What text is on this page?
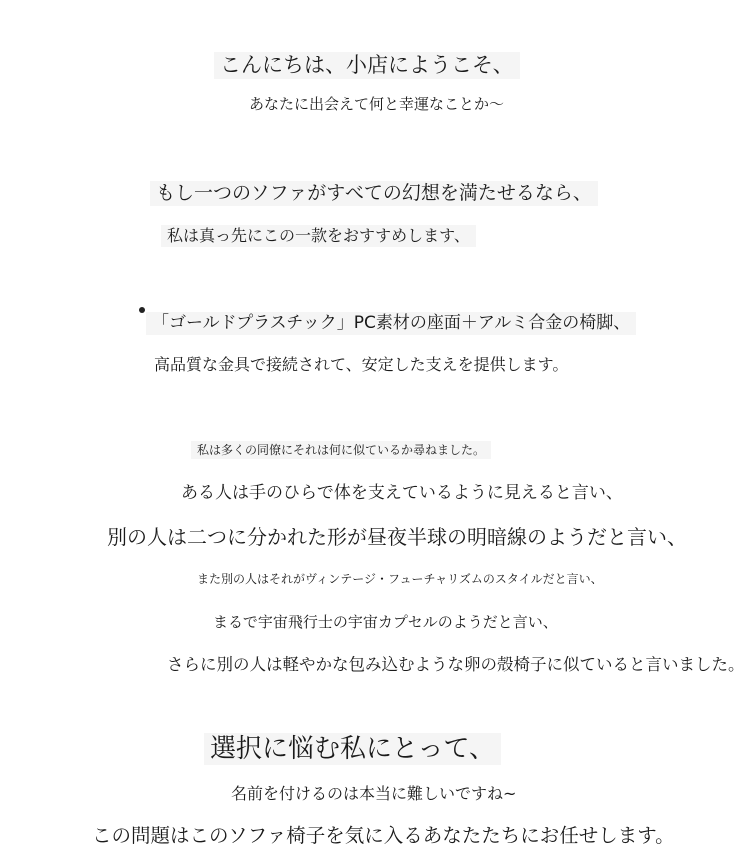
こんにちは、小店にようこそ、
あなたに出会えて何と幸運なことか～
もし一つのソファがすべての幻想を満たせるなら、
私は真っ先にこの一款をおすすめします、
「ゴールドプラスチック」PC素材の座面＋アルミ合金の椅脚、
高品質な金具で接続されて、安定した支えを提供します。
私は多くの同僚にそれは何に似ているか尋ねました。
ある人は手のひらで体を支えているように見えると言い、
別の人は二つに分かれた形が昼夜半球の明暗線のようだと言い、
また別の人はそれがヴィンテージ・フューチャリズムのスタイルだと言い、
まるで宇宙飛行士の宇宙カプセルのようだと言い、
さらに別の人は軽やかな包み込むような卵の殻椅子に似ていると言いました。
選択に悩む私にとって、
名前を付けるのは本当に難しいですね~
この問題はこのソファ椅子を気に入るあなたたちにお任せします。
